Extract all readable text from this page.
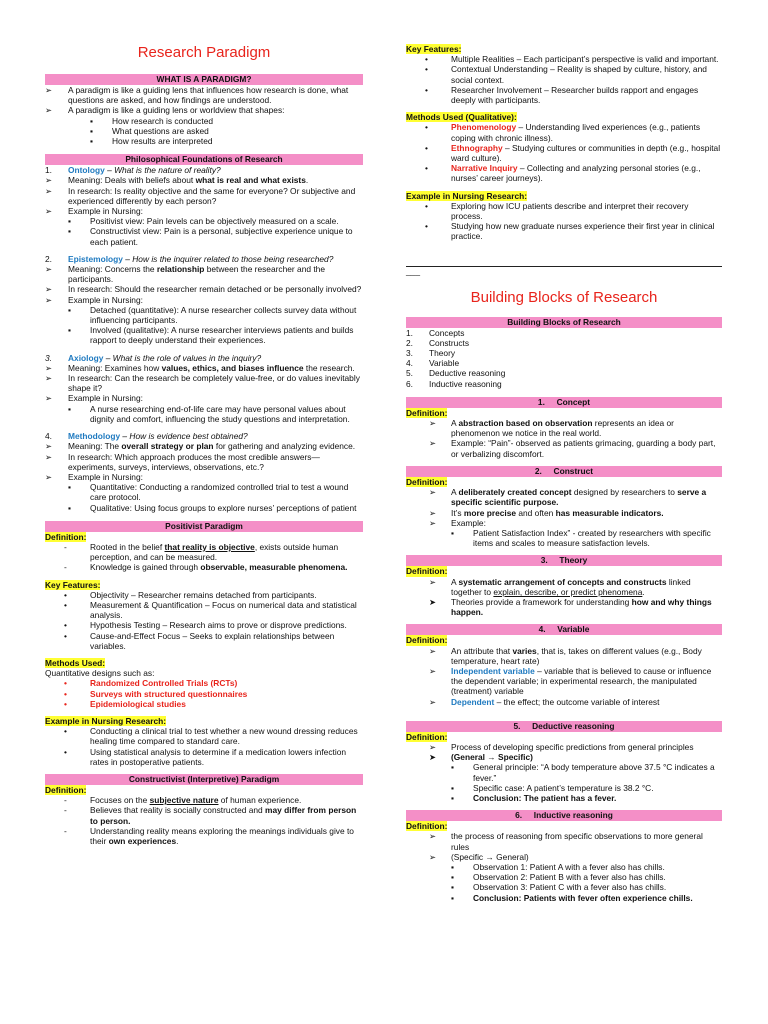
Research Paradigm
WHAT IS A PARADIGM?
➢	A paradigm is like a guiding lens that influences how research is done, what questions are asked, and how findings are understood.
➢	A paradigm is like a guiding lens or worldview that shapes:
▪	How research is conducted
▪	What questions are asked
▪	How results are interpreted
Philosophical Foundations of Research
1.	Ontology – What is the nature of reality?
➢	Meaning: Deals with beliefs about what is real and what exists.
➢	In research: Is reality objective and the same for everyone? Or subjective and experienced differently by each person?
➢	Example in Nursing:
▪	Positivist view: Pain levels can be objectively measured on a scale.
▪	Constructivist view: Pain is a personal, subjective experience unique to each patient.
2.	Epistemology – How is the inquirer related to those being researched?
➢	Meaning: Concerns the relationship between the researcher and the participants.
➢	In research: Should the researcher remain detached or be personally involved?
➢	Example in Nursing:
▪	Detached (quantitative): A nurse researcher collects survey data without influencing participants.
▪	Involved (qualitative): A nurse researcher interviews patients and builds rapport to deeply understand their experiences.
3.	Axiology – What is the role of values in the inquiry?
➢	Meaning: Examines how values, ethics, and biases influence the research.
➢	In research: Can the research be completely value-free, or do values inevitably shape it?
➢	Example in Nursing:
▪	A nurse researching end-of-life care may have personal values about dignity and comfort, influencing the study questions and interpretation.
4.	Methodology – How is evidence best obtained?
➢	Meaning: The overall strategy or plan for gathering and analyzing evidence.
➢	In research: Which approach produces the most credible answers—experiments, surveys, interviews, observations, etc.?
➢	Example in Nursing:
▪	Quantitative: Conducting a randomized controlled trial to test a wound care protocol.
▪	Qualitative: Using focus groups to explore nurses’ perceptions of patient
Positivist Paradigm
Definition:
-	Rooted in the belief that reality is objective, exists outside human perception, and can be measured.
-	Knowledge is gained through observable, measurable phenomena.
Key Features:
•	Objectivity – Researcher remains detached from participants.
•	Measurement & Quantification – Focus on numerical data and statistical analysis.
•	Hypothesis Testing – Research aims to prove or disprove predictions.
•	Cause-and-Effect Focus – Seeks to explain relationships between variables.
Methods Used:
Quantitative designs such as:
•	Randomized Controlled Trials (RCTs)
•	Surveys with structured questionnaires
•	Epidemiological studies
Example in Nursing Research:
•	Conducting a clinical trial to test whether a new wound dressing reduces healing time compared to standard care.
•	Using statistical analysis to determine if a medication lowers infection rates in postoperative patients.
Constructivist (Interpretive) Paradigm
Definition:
-	Focuses on the subjective nature of human experience.
-	Believes that reality is socially constructed and may differ from person to person.
-	Understanding reality means exploring the meanings individuals give to their own experiences.
Key Features:
•	Multiple Realities – Each participant’s perspective is valid and important.
•	Contextual Understanding – Reality is shaped by culture, history, and social context.
•	Researcher Involvement – Researcher builds rapport and engages deeply with participants.
Methods Used (Qualitative):
•	Phenomenology – Understanding lived experiences (e.g., patients coping with chronic illness).
•	Ethnography – Studying cultures or communities in depth (e.g., hospital ward culture).
•	Narrative Inquiry – Collecting and analyzing personal stories (e.g., nurses’ career journeys).
Example in Nursing Research:
•	Exploring how ICU patients describe and interpret their recovery process.
•	Studying how new graduate nurses experience their first year in clinical practice.
___
Building Blocks of Research
Building Blocks of Research
1.	Concepts
2.	Constructs
3.	Theory
4.	Variable
5.	Deductive reasoning
6.	Inductive reasoning
1. Concept
Definition:
➢	A abstraction based on observation represents an idea or phenomenon we notice in the real world.
➢	Example: “Pain”- observed as patients grimacing, guarding a body part, or verbalizing discomfort.
2. Construct
Definition:
➢	A deliberately created concept designed by researchers to serve a specific scientific purpose.
➢	It’s more precise and often has measurable indicators.
➢	Example:
▪	Patient Satisfaction Index” - created by researchers with specific items and scales to measure satisfaction levels.
3. Theory
Definition:
➢	A systematic arrangement of concepts and constructs linked together to explain, describe, or predict phenomena.
➤	Theories provide a framework for understanding how and why things happen.
4. Variable
Definition:
➢	An attribute that varies, that is, takes on different values (e.g., Body temperature, heart rate)
➢	Independent variable – variable that is believed to cause or influence the dependent variable; in experimental research, the manipulated (treatment) variable
➢	Dependent – the effect; the outcome variable of interest
5. Deductive reasoning
Definition:
➢	Process of developing specific predictions from general principles
➤	(General → Specific)
▪	General principle: “A body temperature above 37.5 °C indicates a fever.”
▪	Specific case: A patient’s temperature is 38.2 °C.
▪	Conclusion: The patient has a fever.
6. Inductive reasoning
Definition:
➢	the process of reasoning from specific observations to more general rules
➢	(Specific → General)
▪	Observation 1: Patient A with a fever also has chills.
▪	Observation 2: Patient B with a fever also has chills.
▪	Observation 3: Patient C with a fever also has chills.
▪	Conclusion: Patients with fever often experience chills.
